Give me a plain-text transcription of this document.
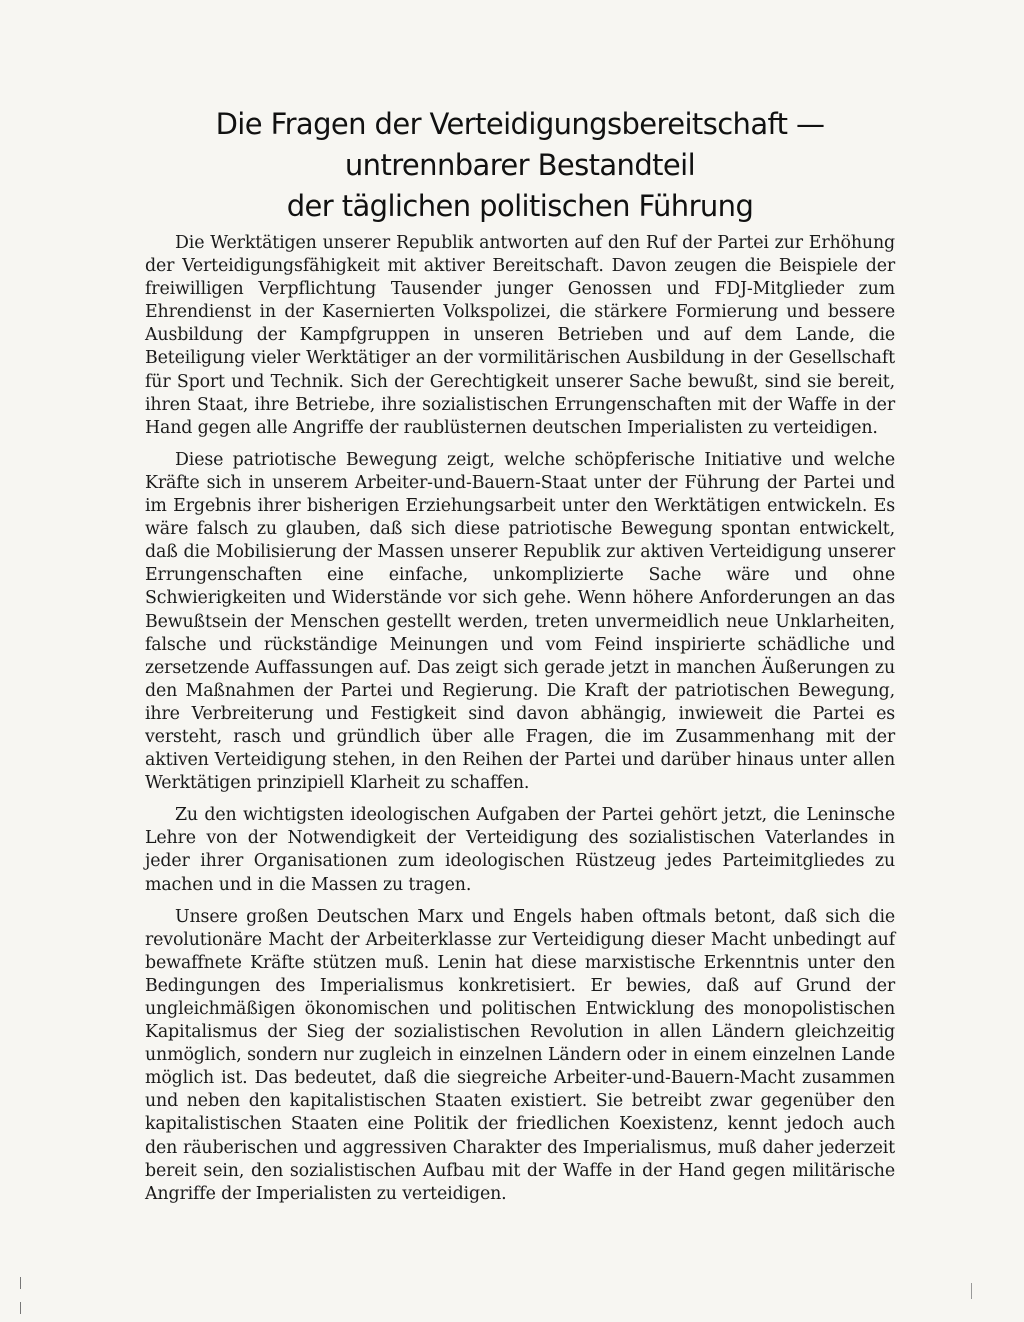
Die Fragen der Verteidigungsbereitschaft —
untrennbarer Bestandteil
der täglichen politischen Führung

Die Werktätigen unserer Republik antworten auf den Ruf der Partei zur Erhöhung der Verteidigungsfähigkeit mit aktiver Bereitschaft. Davon zeugen die Beispiele der freiwilligen Verpflichtung Tausender junger Genossen und FDJ-Mitglieder zum Ehrendienst in der Kasernierten Volkspolizei, die stärkere Formierung und bessere Ausbildung der Kampfgruppen in unseren Betrieben und auf dem Lande, die Beteiligung vieler Werktätiger an der vormilitärischen Ausbildung in der Gesellschaft für Sport und Technik. Sich der Gerechtigkeit unserer Sache bewußt, sind sie bereit, ihren Staat, ihre Betriebe, ihre sozialistischen Errungenschaften mit der Waffe in der Hand gegen alle Angriffe der raublüsternen deutschen Imperialisten zu verteidigen.

Diese patriotische Bewegung zeigt, welche schöpferische Initiative und welche Kräfte sich in unserem Arbeiter-und-Bauern-Staat unter der Führung der Partei und im Ergebnis ihrer bisherigen Erziehungsarbeit unter den Werktätigen entwickeln. Es wäre falsch zu glauben, daß sich diese patriotische Bewegung spontan entwickelt, daß die Mobilisierung der Massen unserer Republik zur aktiven Verteidigung unserer Errungenschaften eine einfache, unkomplizierte Sache wäre und ohne Schwierigkeiten und Widerstände vor sich gehe. Wenn höhere Anforderungen an das Bewußtsein der Menschen gestellt werden, treten unvermeidlich neue Unklarheiten, falsche und rückständige Meinungen und vom Feind inspirierte schädliche und zersetzende Auffassungen auf. Das zeigt sich gerade jetzt in manchen Äußerungen zu den Maßnahmen der Partei und Regierung. Die Kraft der patriotischen Bewegung, ihre Verbreiterung und Festigkeit sind davon abhängig, inwieweit die Partei es versteht, rasch und gründlich über alle Fragen, die im Zusammenhang mit der aktiven Verteidigung stehen, in den Reihen der Partei und darüber hinaus unter allen Werktätigen prinzipiell Klarheit zu schaffen.

Zu den wichtigsten ideologischen Aufgaben der Partei gehört jetzt, die Leninsche Lehre von der Notwendigkeit der Verteidigung des sozialistischen Vaterlandes in jeder ihrer Organisationen zum ideologischen Rüstzeug jedes Parteimitgliedes zu machen und in die Massen zu tragen.

Unsere großen Deutschen Marx und Engels haben oftmals betont, daß sich die revolutionäre Macht der Arbeiterklasse zur Verteidigung dieser Macht unbedingt auf bewaffnete Kräfte stützen muß. Lenin hat diese marxistische Erkenntnis unter den Bedingungen des Imperialismus konkretisiert. Er bewies, daß auf Grund der ungleichmäßigen ökonomischen und politischen Entwicklung des monopolistischen Kapitalismus der Sieg der sozialistischen Revolution in allen Ländern gleichzeitig unmöglich, sondern nur zugleich in einzelnen Ländern oder in einem einzelnen Lande möglich ist. Das bedeutet, daß die siegreiche Arbeiter-und-Bauern-Macht zusammen und neben den kapitalistischen Staaten existiert. Sie betreibt zwar gegenüber den kapitalistischen Staaten eine Politik der friedlichen Koexistenz, kennt jedoch auch den räuberischen und aggressiven Charakter des Imperialismus, muß daher jederzeit bereit sein, den sozialistischen Aufbau mit der Waffe in der Hand gegen militärische Angriffe der Imperialisten zu verteidigen.
